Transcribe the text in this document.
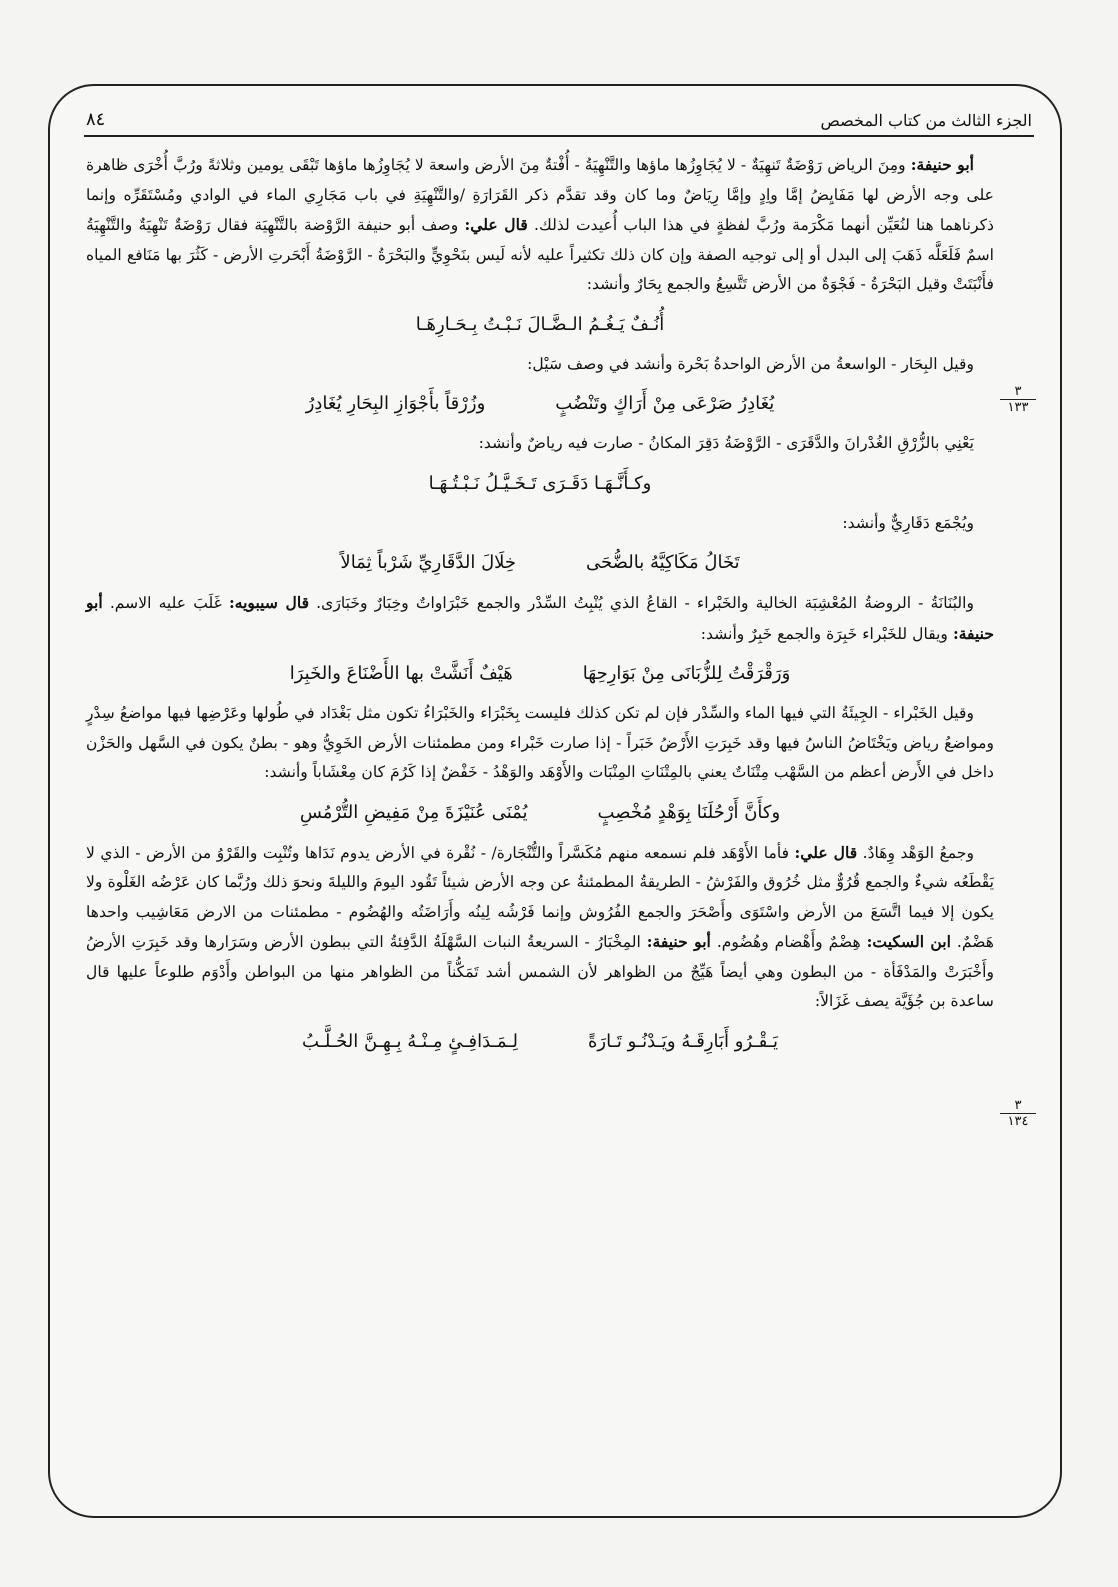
الجزء الثالث من كتاب المخصص
٨٤
٣
١٣٣
٣
١٣٤

أبو حنيفة: ومِنَ الرياض رَوْضَةٌ تَنهِيَةٌ - لا يُجَاوِزُها ماؤها والتَّنْهِيَةُ - أُفْتةٌ مِنَ الأرض واسعة لا يُجَاوِزُها ماؤها تَبْقَى يومين وثلاثةً ورُبَّ أُخْرَى ظاهرة على وجه الأرض لها مَفَايِضُ إمَّا واِدٍ وإمَّا رِيَاضٌ وما كان وقد تقدَّم ذكر القَرَارَةِ /والتَّنْهِيَةِ في باب مَجَارِي الماء في الوادي ومُسْتَقَرِّه وإنما ذكرناهما هنا لنُعَيِّن أنهما مَكْرَمة ورُبَّ لفظةٍ في هذا الباب أُعيدت لذلك. قال علي: وصف أبو حنيفة الرَّوْضة بالتَّنْهِيَة فقال رَوْضَةٌ تَنْهِيَةٌ والتَّنْهِيَةُ اسمٌ فَلَعَلَّه ذَهَبَ إلى البدل أو إلى توجيه الصفة وإن كان ذلك تكثيراً عليه لأنه لَيس بنَحْوِيٍّ والبَحْرَةُ - الرَّوْضَةُ أَبْحَرتِ الأرض - كَثُرَ بها مَنَافع المياه فأَنْبَتَتْ وقيل البَحْرَةُ - فَجْوَةٌ من الأرض تَتَّسِعُ والجمع بِحَارٌ وأنشد:

أُنُـفٌ يَـغُـمُ الـضَّـالَ نَـبْـتُ بِـحَـارِهَـا

وقيل البِحَار - الواسعةُ من الأرض الواحدةُ بَحْرة وأنشد في وصف سَيْل:

يُغَادِرُ صَرْعَى مِنْ أَرَاكٍ وتَنْضُبٍ
وزُرْقاً بأَجْوَازِ البِحَارِ يُغَادِرُ

يَعْنِي بالزُّرْقِ الغُدْرانَ والدَّقَرَى - الرَّوْضَةُ دَقِرَ المكانُ - صارت فيه رياضٌ وأنشد:

وكـأَنَّـهَـا دَقَـرَى تَـخَـيَّـلُ نَـبْـتُـهَـا

ويُجْمَع دَقَارِيٌّ وأنشد:

تَخَالُ مَكَاكِيَّهُ بالضُّحَى
خِلَالَ الدَّقَارِيِّ شَرْباً ثِمَالاً

والبُنَانَةُ - الروضةُ المُعْشِبَة الخالية والخَبْراء - القاعُ الذي يُنْبِتُ السِّدْر والجمع خَبْرَاواتٌ وخِبَارٌ وخَبَارَى. قال سيبويه: غَلَبَ عليه الاسم. أبو حنيفة: ويقال للخَبْراء خَبِرَة والجمع خَبِرٌ وأنشد:

وَرَقْرَقْتُ لِلزُّبَانَى مِنْ بَوَارِحِهَا
هَيْفٌ أَنَشَّتْ بها الأَضْنَاعَ والخَبِرَا

وقيل الخَبْراء - الجِيئَةُ التي فيها الماء والسِّدْر فإن لم تكن كذلك فليست بِخَبْرَاء والخَبْرَاءُ تكون مثل بَغْدَاد في طُولها وعَرْضِها فيها مواضعُ سِدْرٍ ومواضعُ رياض ويَخْتَاضُ الناسُ فيها وقد خَبِرَتِ الأَرْضُ خَبَراً - إذا صارت خَبْراء ومن مطمئنات الأرض الخَوِيُّ وهو - بطنٌ يكون في السَّهل والحَزْن داخل في الأَرض أعظم من السَّهْب مِتْنَاتٌ يعني بالمِتْنَاتِ المِنْبَات والأَوْهَد والوَهْدُ - خَفْضٌ إذا كَرُمَ كان مِعْشَاباً وأنشد:

وكأَنَّ أَرْحُلَنَا بِوَهْدٍ مُخْصِبٍ
يُمْنَى عُنَيْزَةَ مِنْ مَفِيضِ التُّرْمُسِ

وجمعُ الوَهْد وِهَادٌ. قال علي: فأما الأَوْهَد فلم نسمعه منهم مُكَسَّراً والتُّنْجَارة/ - نُقْرة في الأرض يدوم نَدَاها وتُنْبِت والقَرْوُ من الأرض - الذي لا يَقْطَعُه شيءٌ والجمع قُرُوٌّ مثل خُرُوق والفَرْشُ - الطريقةُ المطمئنةُ عن وجه الأرض شيئاً تَقُود اليومَ والليلةَ ونحوَ ذلك ورُبَّما كان عَرْضُه الغَلْوة ولا يكون إلا فيما اتَّسَعَ من الأرض واسْتَوَى وأَصْحَرَ والجمع الفُرُوش وإنما فَرْشُه لِينُه وأَرَاضَتُه والهُضُوم - مطمئنات من الارض مَعَاشِيب واحدها هَضْمٌ. ابن السكيت: هِضْمٌ وأَهْضام وهُضُوم. أبو حنيفة: المِخْبَارُ - السريعةُ النبات السَّهْلَةُ الدَّفِئةُ التي ببطون الأرض وسَرَارها وقد خَبِرَتِ الأرضُ وأَخْبَرَتْ والمَدْفَأة - من البطون وهي أيضاً هَيِّجٌ من الظواهر لأن الشمس أشد تَمَكُّناً من الظواهر منها من البواطن وأَدْوَم طلوعاً عليها قال ساعدة بن جُؤَيَّة يصف غَزَالاً:

يَـقْـرُو أَبَارِقَـهُ ويَـدْنُـو تَـارَةً
لِـمَـدَافِـئٍ مِـنْـهُ بِـهِـنَّ الحُـلَّـبُ
